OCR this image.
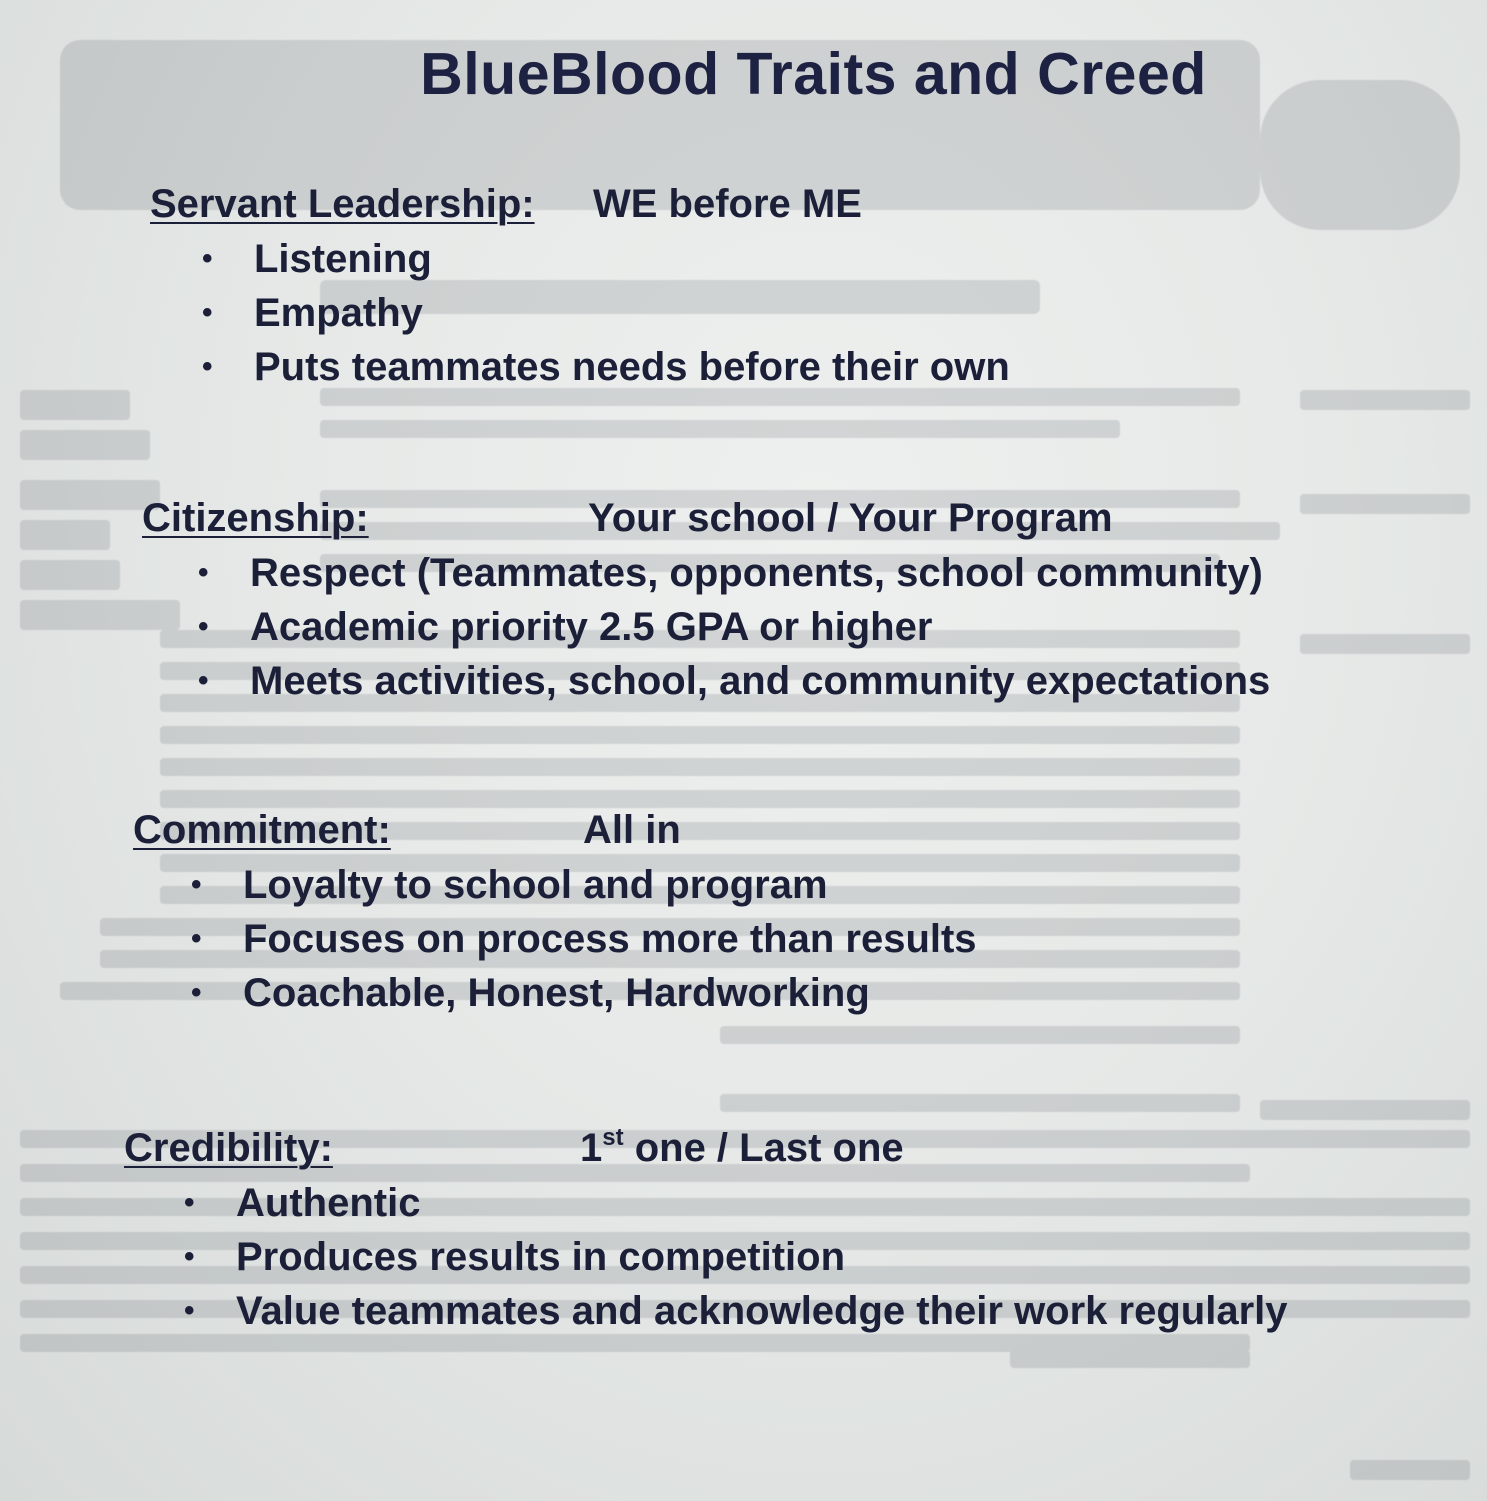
BlueBlood Traits and Creed
Servant Leadership: WE before ME
• Listening
• Empathy
• Puts teammates needs before their own
Citizenship:	Your school / Your Program
• Respect (Teammates, opponents, school community)
• Academic priority 2.5 GPA or higher
• Meets activities, school, and community expectations
Commitment:	All in
• Loyalty to school and program
• Focuses on process more than results
• Coachable, Honest, Hardworking
Credibility:	1st one / Last one
• Authentic
• Produces results in competition
• Value teammates and acknowledge their work regularly
